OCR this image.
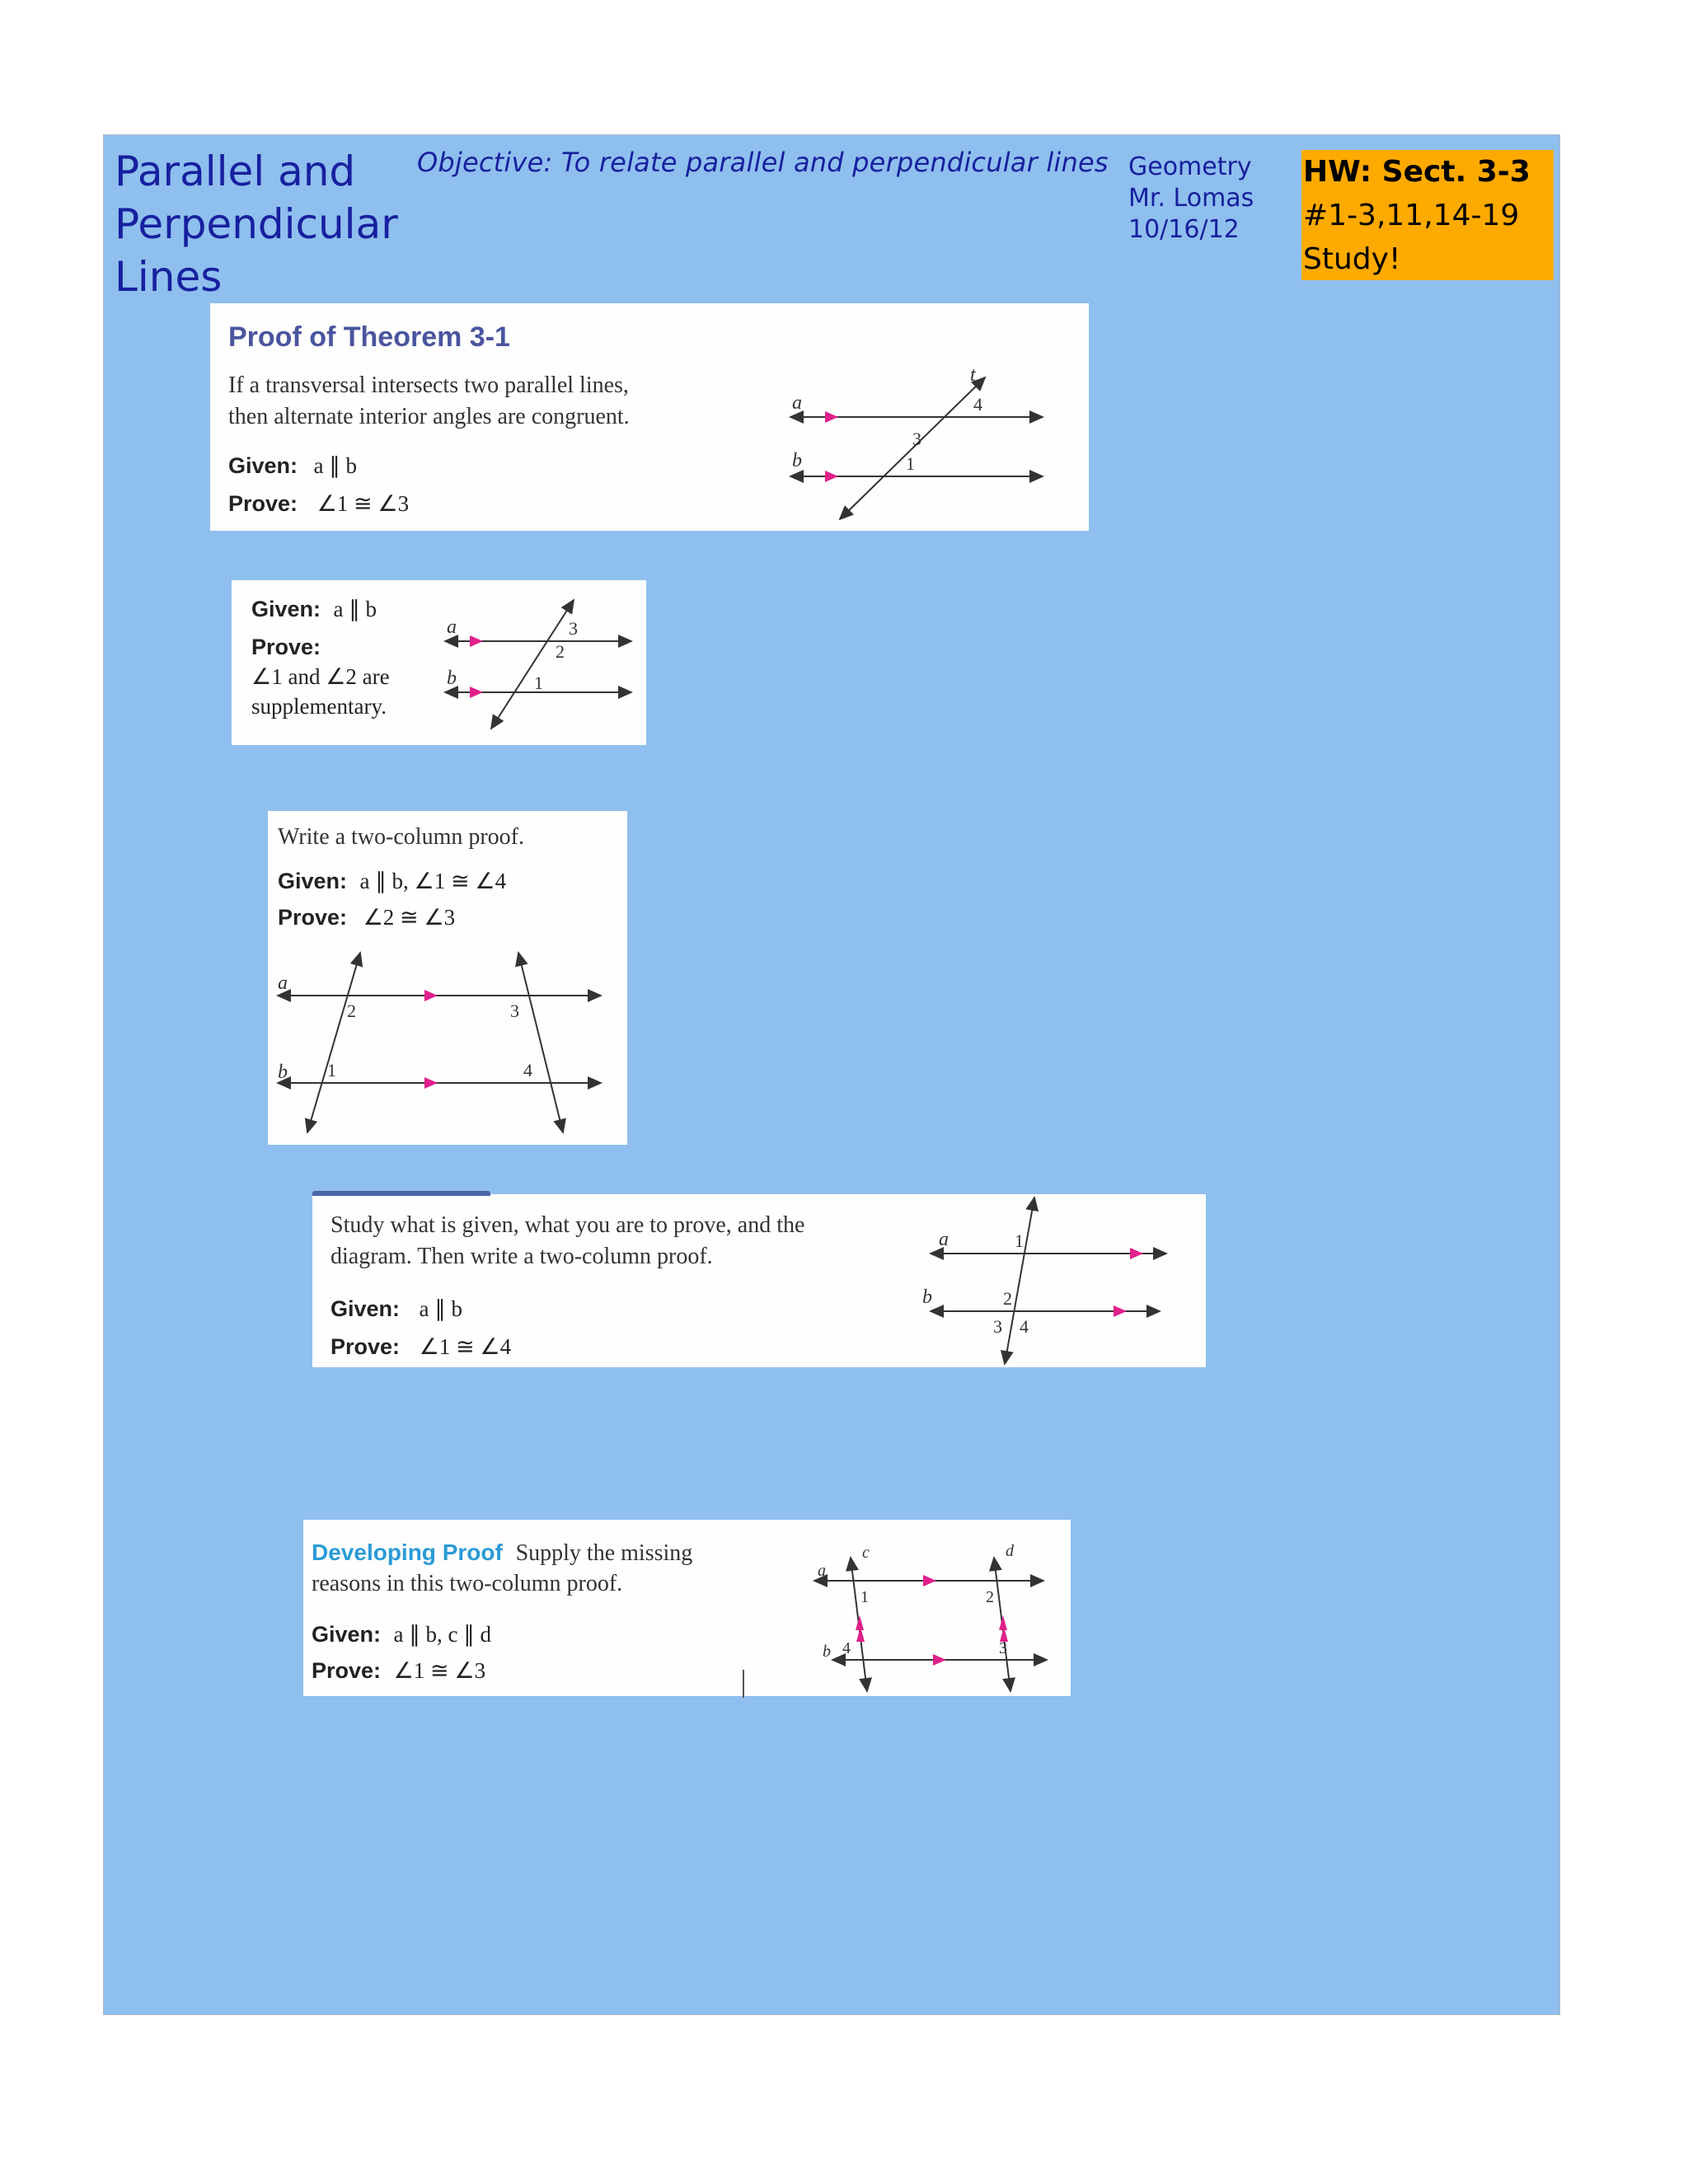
Parallel and
Perpendicular
Lines
Objective: To relate parallel and perpendicular lines Geometry
Mr. Lomas
10/16/12
HW: Sect. 3-3
#1-3,11,14-19
Study!

Proof of Theorem 3-1

If a transversal intersects two parallel lines,

then alternate interior angles are congruent.

Given: a ∥ b

Prove: ∠1 ≅ ∠3

a
b
t
4
3
1

Given: a ∥ b

Prove:

∠1 and ∠2 are

supplementary.

a
b
3
2
1

Write a two-column proof.

Given: a ∥ b, ∠1 ≅ ∠4

Prove: ∠2 ≅ ∠3

a
b
2	3
1	4

Study what is given, what you are to prove, and the

diagram. Then write a two-column proof.

Given: a ∥ b

Prove: ∠1 ≅ ∠4

a
b
1
2
3 4

Developing Proof Supply the missing

reasons in this two-column proof.

Given: a ∥ b, c ∥ d

Prove: ∠1 ≅ ∠3

a
b
c	d
1	2
3
4
